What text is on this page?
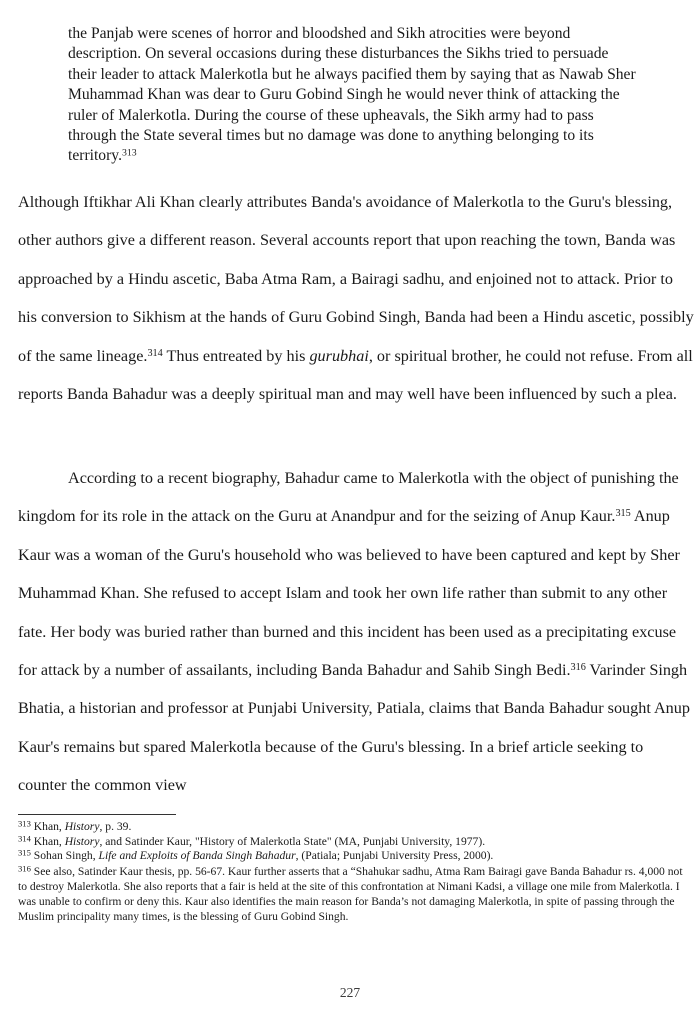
the Panjab were scenes of horror and bloodshed and Sikh atrocities were beyond description. On several occasions during these disturbances the Sikhs tried to persuade their leader to attack Malerkotla but he always pacified them by saying that as Nawab Sher Muhammad Khan was dear to Guru Gobind Singh he would never think of attacking the ruler of Malerkotla. During the course of these upheavals, the Sikh army had to pass through the State several times but no damage was done to anything belonging to its territory.$^{313}$
Although Iftikhar Ali Khan clearly attributes Banda's avoidance of Malerkotla to the Guru's blessing, other authors give a different reason. Several accounts report that upon reaching the town, Banda was approached by a Hindu ascetic, Baba Atma Ram, a Bairagi sadhu, and enjoined not to attack. Prior to his conversion to Sikhism at the hands of Guru Gobind Singh, Banda had been a Hindu ascetic, possibly of the same lineage.$^{314}$ Thus entreated by his gurubhai, or spiritual brother, he could not refuse. From all reports Banda Bahadur was a deeply spiritual man and may well have been influenced by such a plea.
According to a recent biography, Bahadur came to Malerkotla with the object of punishing the kingdom for its role in the attack on the Guru at Anandpur and for the seizing of Anup Kaur.$^{315}$ Anup Kaur was a woman of the Guru's household who was believed to have been captured and kept by Sher Muhammad Khan. She refused to accept Islam and took her own life rather than submit to any other fate. Her body was buried rather than burned and this incident has been used as a precipitating excuse for attack by a number of assailants, including Banda Bahadur and Sahib Singh Bedi.$^{316}$ Varinder Singh Bhatia, a historian and professor at Punjabi University, Patiala, claims that Banda Bahadur sought Anup Kaur's remains but spared Malerkotla because of the Guru's blessing. In a brief article seeking to counter the common view
$^{313}$ Khan, History, p. 39.
$^{314}$ Khan, History, and Satinder Kaur, "History of Malerkotla State" (MA, Punjabi University, 1977).
$^{315}$ Sohan Singh, Life and Exploits of Banda Singh Bahadur, (Patiala; Punjabi University Press, 2000).
$^{316}$ See also, Satinder Kaur thesis, pp. 56-67. Kaur further asserts that a “Shahukar sadhu, Atma Ram Bairagi gave Banda Bahadur rs. 4,000 not to destroy Malerkotla. She also reports that a fair is held at the site of this confrontation at Nimani Kadsi, a village one mile from Malerkotla. I was unable to confirm or deny this. Kaur also identifies the main reason for Banda’s not damaging Malerkotla, in spite of passing through the Muslim principality many times, is the blessing of Guru Gobind Singh.
227
